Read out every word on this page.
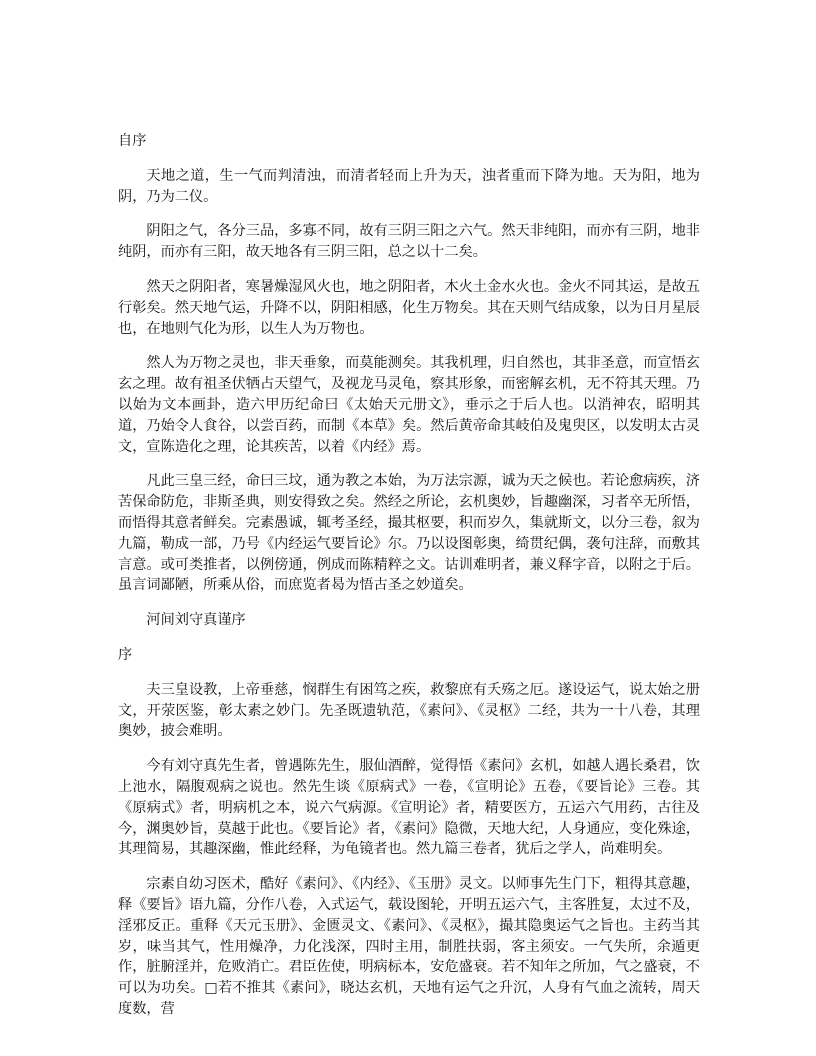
自序

天地之道，生一气而判清浊，而清者轻而上升为天，浊者重而下降为地。天为阳，地为阴，乃为二仪。

阴阳之气，各分三品，多寡不同，故有三阴三阳之六气。然天非纯阳，而亦有三阴，地非纯阴，而亦有三阳，故天地各有三阴三阳，总之以十二矣。

然天之阴阳者，寒暑燥湿风火也，地之阴阳者，木火土金水火也。金火不同其运，是故五行彰矣。然天地气运，升降不以，阴阳相感，化生万物矣。其在天则气结成象，以为日月星辰也，在地则气化为形，以生人为万物也。

然人为万物之灵也，非天垂象，而莫能测矣。其我机理，归自然也，其非圣意，而宣悟玄玄之理。故有祖圣伏牺占天望气，及视龙马灵龟，察其形象，而密解玄机，无不符其天理。乃以始为文本画卦，造六甲历纪命曰《太始天元册文》，垂示之于后人也。以消神农，昭明其道，乃始令人食谷，以尝百药，而制《本草》矣。然后黄帝命其岐伯及鬼臾区，以发明太古灵文，宣陈造化之理，论其疾苦，以着《内经》焉。

凡此三皇三经，命曰三坟，通为教之本始，为万法宗源，诚为天之候也。若论愈病疾，济苦保命防危，非斯圣典，则安得致之矣。然经之所论，玄机奥妙，旨趣幽深，习者卒无所悟，而悟得其意者鲜矣。完素愚诚，辄考圣经，撮其枢要，积而岁久，集就斯文，以分三卷，叙为九篇，勒成一部，乃号《内经运气要旨论》尔。乃以设图彰奥，绮贯纪偶，袭句注辞，而敷其言意。或可类推者，以例傍通，例成而陈精粹之文。诂训难明者，兼义释字音，以附之于后。虽言词鄙陋，所乘从俗，而庶览者曷为悟古圣之妙道矣。

河间刘守真谨序

序

夫三皇设教，上帝垂慈，悯群生有困笃之疾，救黎庶有夭殇之厄。遂设运气，说太始之册文，开荥医鉴，彰太素之妙门。先圣既遗轨范，《素问》、《灵枢》二经，共为一十八卷，其理奥妙，披会难明。

今有刘守真先生者，曾遇陈先生，服仙酒醉，觉得悟《素问》玄机，如越人遇长桑君，饮上池水，隔腹观病之说也。然先生谈《原病式》一卷，《宣明论》五卷，《要旨论》三卷。其《原病式》者，明病机之本，说六气病源。《宣明论》者，精要医方，五运六气用药，古往及今，渊奥妙旨，莫越于此也。《要旨论》者，《素问》隐微，天地大纪，人身通应，变化殊途，其理简易，其趣深幽，惟此经释，为龟镜者也。然九篇三卷者，犹后之学人，尚难明矣。

宗素自幼习医术，酷好《素问》、《内经》、《玉册》灵文。以师事先生门下，粗得其意趣，释《要旨》语九篇，分作八卷，入式运气，载设图轮，开明五运六气，主客胜复，太过不及，淫邪反正。重释《天元玉册》、金匮灵文、《素问》、《灵枢》，撮其隐奥运气之旨也。主药当其岁，味当其气，性用燥净，力化浅深，四时主用，制胜扶弱，客主须安。一气失所，余遁更作，脏腑淫并，危败消亡。君臣佐使，明病标本，安危盛衰。若不知年之所加，气之盛衰，不可以为功矣。□若不推其《素问》，晓达玄机，天地有运气之升沉，人身有气血之流转，周天度数，营
